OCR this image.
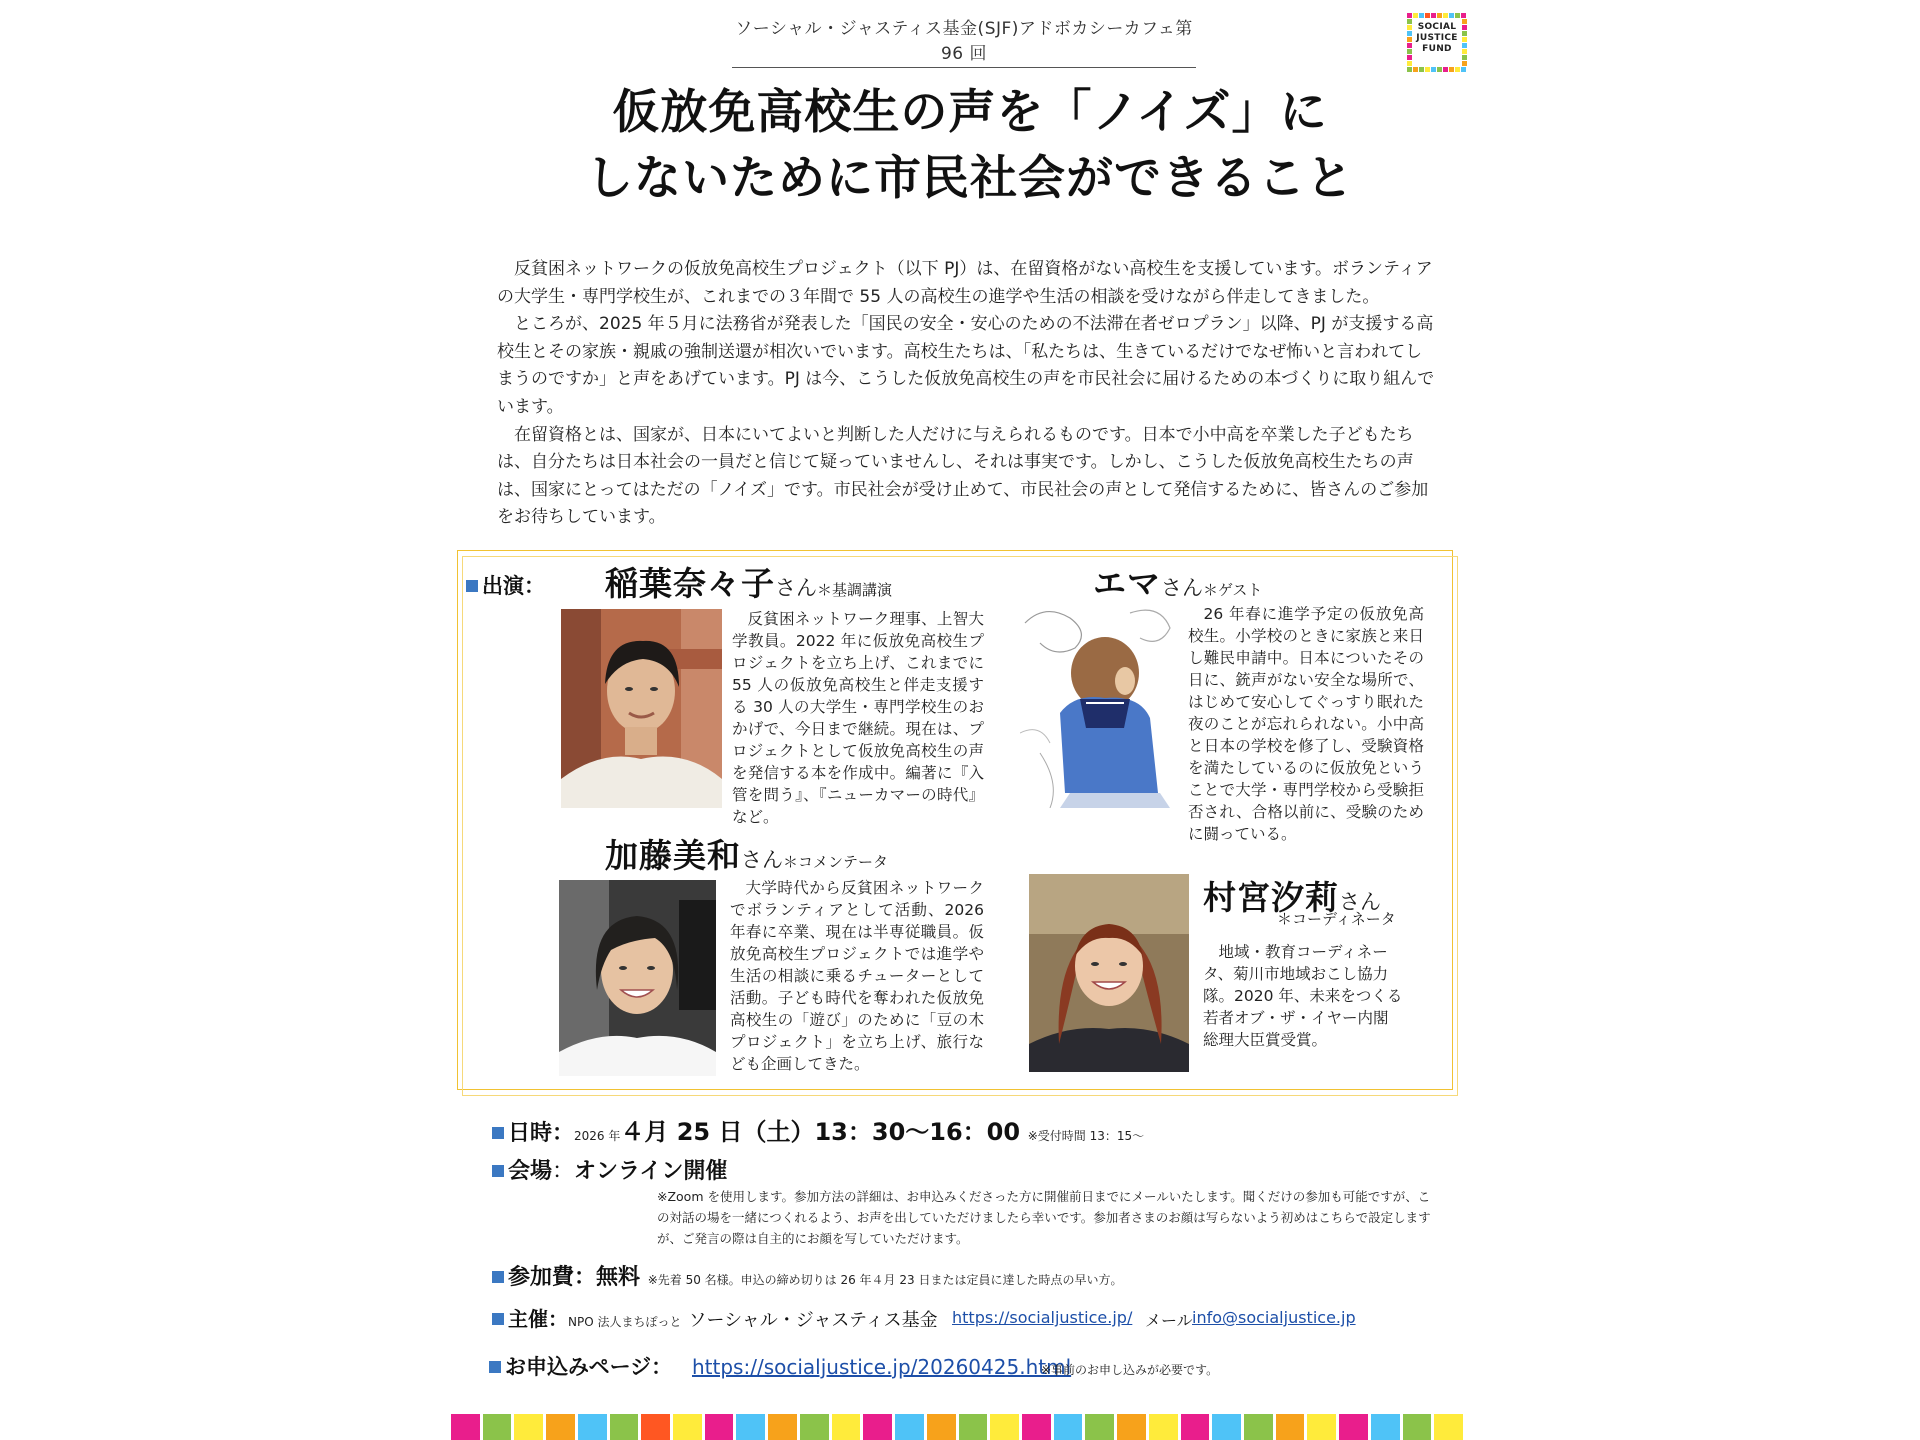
ソーシャル・ジャスティス基金(SJF)アドボカシーカフェ第 96 回
SOCIAL
JUSTICE
FUND
仮放免高校生の声を「ノイズ」に
しないために市民社会ができること

反貧困ネットワークの仮放免高校生プロジェクト（以下 PJ）は、在留資格がない高校生を支援しています。ボランティアの大学生・専門学校生が、これまでの３年間で 55 人の高校生の進学や生活の相談を受けながら伴走してきました。

ところが、2025 年５月に法務省が発表した「国民の安全・安心のための不法滞在者ゼロプラン」以降、PJ が支援する高校生とその家族・親戚の強制送還が相次いでいます。高校生たちは、「私たちは、生きているだけでなぜ怖いと言われてしまうのですか」と声をあげています。PJ は今、こうした仮放免高校生の声を市民社会に届けるための本づくりに取り組んでいます。

在留資格とは、国家が、日本にいてよいと判断した人だけに与えられるものです。日本で小中高を卒業した子どもたちは、自分たちは日本社会の一員だと信じて疑っていませんし、それは事実です。しかし、こうした仮放免高校生たちの声は、国家にとってはただの「ノイズ」です。市民社会が受け止めて、市民社会の声として発信するために、皆さんのご参加をお待ちしています。

出演： 稲葉奈々子さん＊基調講演
反貧困ネットワーク理事、上智大学教員。2022 年に仮放免高校生プロジェクトを立ち上げ、これまでに 55 人の仮放免高校生と伴走支援する 30 人の大学生・専門学校生のおかげで、今日まで継続。現在は、プロジェクトとして仮放免高校生の声を発信する本を作成中。編著に『入管を問う』、『ニューカマーの時代』など。
エマさん＊ゲスト
26 年春に進学予定の仮放免高校生。小学校のときに家族と来日し難民申請中。日本についたその日に、銃声がない安全な場所で、はじめて安心してぐっすり眠れた夜のことが忘れられない。小中高と日本の学校を修了し、受験資格を満たしているのに仮放免ということで大学・専門学校から受験拒否され、合格以前に、受験のために闘っている。
加藤美和さん＊コメンテータ
大学時代から反貧困ネットワークでボランティアとして活動、2026 年春に卒業、現在は半専従職員。仮放免高校生プロジェクトでは進学や生活の相談に乗るチューターとして活動。子ども時代を奪われた仮放免高校生の「遊び」のために「豆の木プロジェクト」を立ち上げ、旅行なども企画してきた。
村宮汐莉さん
＊コーディネータ
地域・教育コーディネータ、菊川市地域おこし協力隊。2020 年、未来をつくる若者オブ・ザ・イヤー内閣総理大臣賞受賞。
日時：2026 年４月 25 日（土）13：30～16：00 ※受付時間 13：15～
会場：オンライン開催
※Zoom を使用します。参加方法の詳細は、お申込みくださった方に開催前日までにメールいたします。聞くだけの参加も可能ですが、この対話の場を一緒につくれるよう、お声を出していただけましたら幸いです。参加者さまのお顔は写らないよう初めはこちらで設定しますが、ご発言の際は自主的にお顔を写していただけます。
参加費：無料 ※先着 50 名様。申込の締め切りは 26 年４月 23 日または定員に達した時点の早い方。
主催：NPO 法人まちぽっと ソーシャル・ジャスティス基金 https://socialjustice.jp/ メール info@socialjustice.jp
お申込みページ： https://socialjustice.jp/20260425.html
※事前のお申し込みが必要です。
